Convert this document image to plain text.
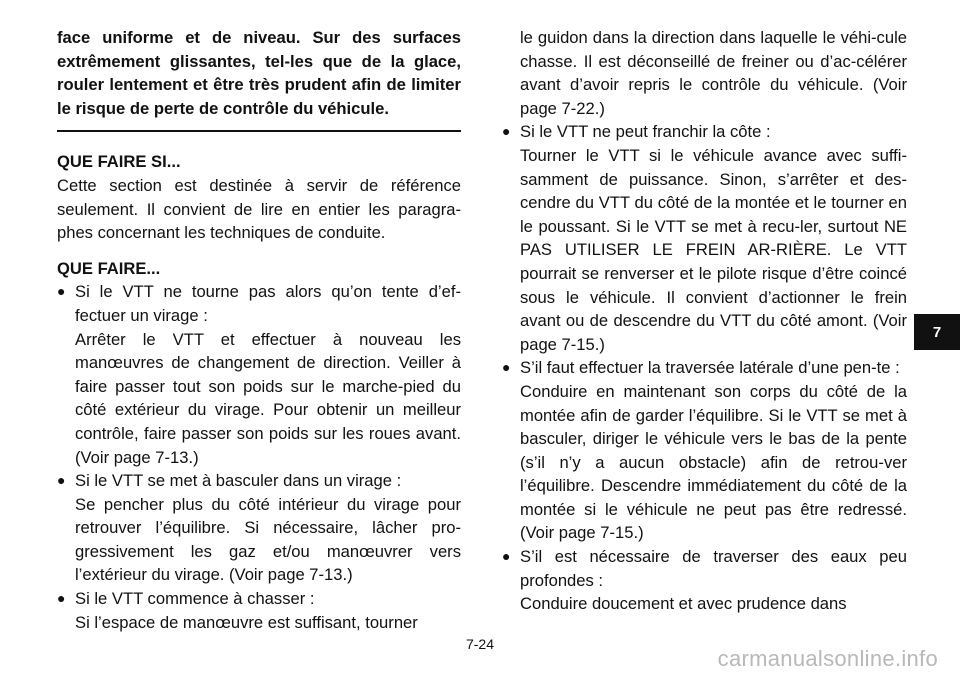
face uniforme et de niveau. Sur des surfaces extrêmement glissantes, tel-les que de la glace, rouler lentement et être très prudent afin de limiter le risque de perte de contrôle du véhicule.

QUE FAIRE SI...

Cette section est destinée à servir de référence seulement. Il convient de lire en entier les paragra-phes concernant les techniques de conduite.

QUE FAIRE...

● Si le VTT ne tourne pas alors qu’on tente d’ef-fectuer un virage :

Arrêter le VTT et effectuer à nouveau les manœuvres de changement de direction. Veiller à faire passer tout son poids sur le marche-pied du côté extérieur du virage. Pour obtenir un meilleur contrôle, faire passer son poids sur les roues avant. (Voir page 7-13.)

● Si le VTT se met à basculer dans un virage :

Se pencher plus du côté intérieur du virage pour retrouver l’équilibre. Si nécessaire, lâcher pro-gressivement les gaz et/ou manœuvrer vers l’extérieur du virage. (Voir page 7-13.)

● Si le VTT commence à chasser :

Si l’espace de manœuvre est suffisant, tourner

le guidon dans la direction dans laquelle le véhi-cule chasse. Il est déconseillé de freiner ou d’ac-célérer avant d’avoir repris le contrôle du véhicule. (Voir page 7-22.)

● Si le VTT ne peut franchir la côte :

Tourner le VTT si le véhicule avance avec suffi-samment de puissance. Sinon, s’arrêter et des-cendre du VTT du côté de la montée et le tourner en le poussant. Si le VTT se met à recu-ler, surtout NE PAS UTILISER LE FREIN AR-RIÈRE. Le VTT pourrait se renverser et le pilote risque d’être coincé sous le véhicule. Il convient d’actionner le frein avant ou de descendre du VTT du côté amont. (Voir page 7-15.)

● S’il faut effectuer la traversée latérale d’une pen-te :

Conduire en maintenant son corps du côté de la montée afin de garder l’équilibre. Si le VTT se met à basculer, diriger le véhicule vers le bas de la pente (s’il n’y a aucun obstacle) afin de retrou-ver l’équilibre. Descendre immédiatement du côté de la montée si le véhicule ne peut pas être redressé. (Voir page 7-15.)

● S’il est nécessaire de traverser des eaux peu profondes :

Conduire doucement et avec prudence dans

7
7-24
carmanualsonline.info
